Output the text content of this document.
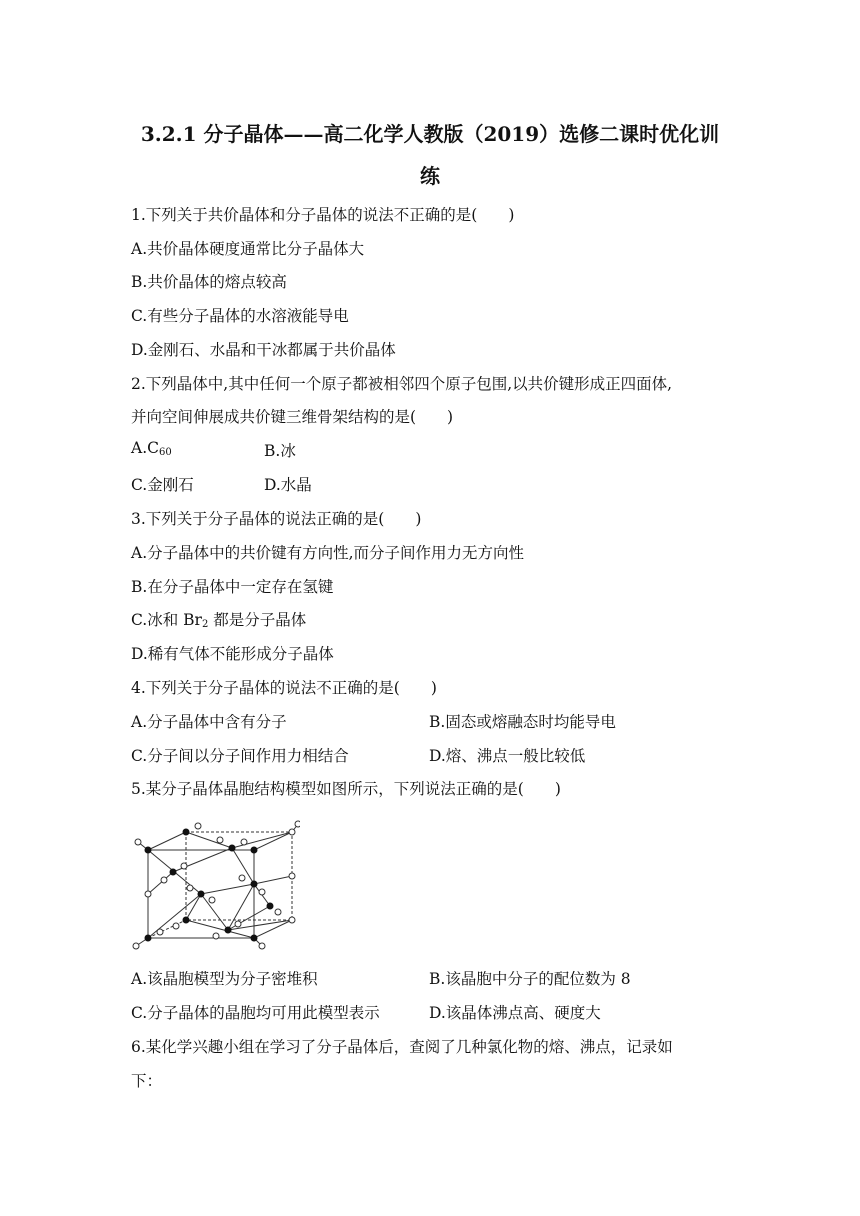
3.2.1 分子晶体——高二化学人教版（2019）选修二课时优化训
练
1.下列关于共价晶体和分子晶体的说法不正确的是(　　)
A.共价晶体硬度通常比分子晶体大
B.共价晶体的熔点较高
C.有些分子晶体的水溶液能导电
D.金刚石、水晶和干冰都属于共价晶体
2.下列晶体中,其中任何一个原子都被相邻四个原子包围,以共价键形成正四面体,
并向空间伸展成共价键三维骨架结构的是(　　)
$A.C_{60}$	B.冰
C.金刚石	D.水晶
3.下列关于分子晶体的说法正确的是(　　)
A.分子晶体中的共价键有方向性,而分子间作用力无方向性
B.在分子晶体中一定存在氢键
C.冰和 $Br_2$ 都是分子晶体
D.稀有气体不能形成分子晶体
4.下列关于分子晶体的说法不正确的是(　　)
A.分子晶体中含有分子	B.固态或熔融态时均能导电
C.分子间以分子间作用力相结合	D.熔、沸点一般比较低
5.某分子晶体晶胞结构模型如图所示，下列说法正确的是(　　)
A.该晶胞模型为分子密堆积	B.该晶胞中分子的配位数为 8
C.分子晶体的晶胞均可用此模型表示	D.该晶体沸点高、硬度大
6.某化学兴趣小组在学习了分子晶体后，查阅了几种氯化物的熔、沸点，记录如
下：
